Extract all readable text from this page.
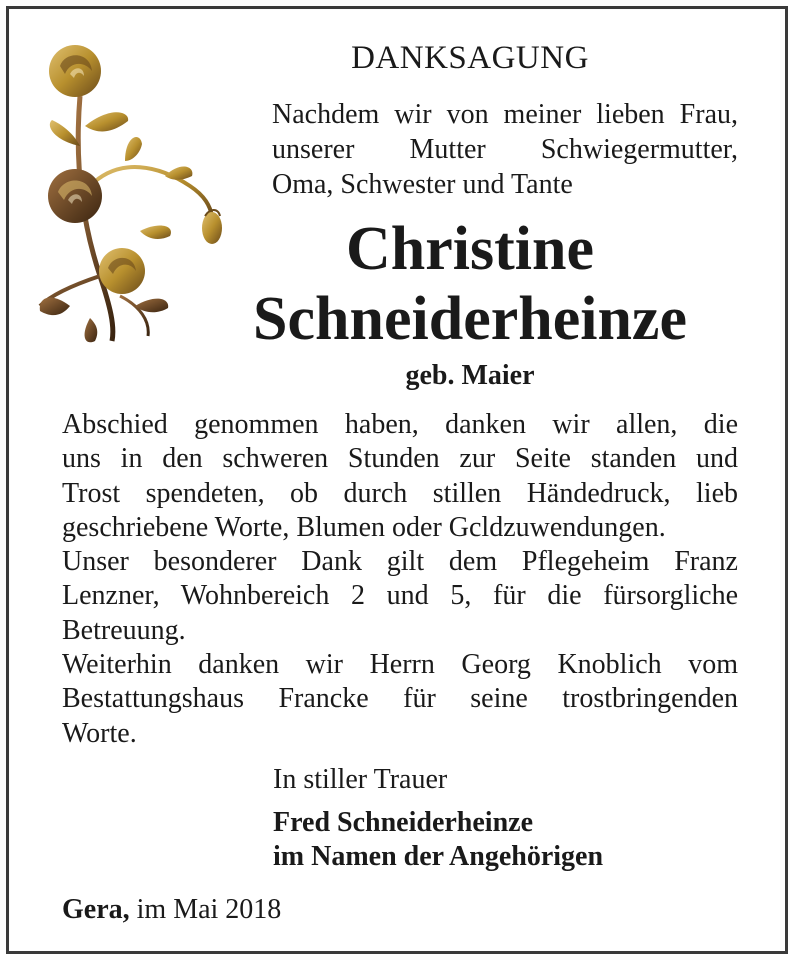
DANKSAGUNG

Nachdem wir von meiner lieben Frau,
unserer Mutter Schwiegermutter,
Oma, Schwester und Tante

Christine
Schneiderheinze

geb. Maier

Abschied genommen haben, danken wir allen, die
uns in den schweren Stunden zur Seite standen und
Trost spendeten, ob durch stillen Händedruck, lieb
geschriebene Worte, Blumen oder Gcldzuwendungen.
Unser besonderer Dank gilt dem Pflegeheim Franz
Lenzner, Wohnbereich 2 und 5, für die fürsorgliche
Betreuung.
Weiterhin danken wir Herrn Georg Knoblich vom
Bestattungshaus Francke für seine trostbringenden
Worte.

In stiller Trauer

Fred Schneiderheinze
im Namen der Angehörigen

Gera, im Mai 2018
